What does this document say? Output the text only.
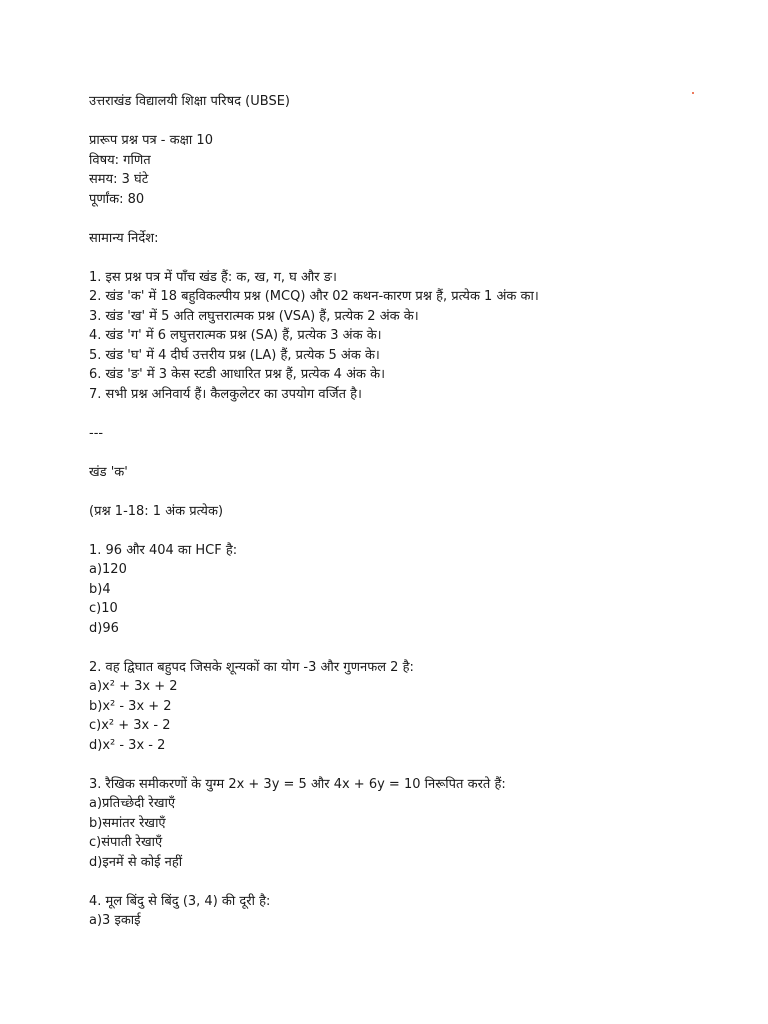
उत्तराखंड विद्यालयी शिक्षा परिषद (UBSE)
प्रारूप प्रश्न पत्र - कक्षा 10
विषय: गणित
समय: 3 घंटे
पूर्णांक: 80
सामान्य निर्देश:
1. इस प्रश्न पत्र में पाँच खंड हैं: क, ख, ग, घ और ङ।
2. खंड 'क' में 18 बहुविकल्पीय प्रश्न (MCQ) और 02 कथन-कारण प्रश्न हैं, प्रत्येक 1 अंक का।
3. खंड 'ख' में 5 अति लघुत्तरात्मक प्रश्न (VSA) हैं, प्रत्येक 2 अंक के।
4. खंड 'ग' में 6 लघुत्तरात्मक प्रश्न (SA) हैं, प्रत्येक 3 अंक के।
5. खंड 'घ' में 4 दीर्घ उत्तरीय प्रश्न (LA) हैं, प्रत्येक 5 अंक के।
6. खंड 'ङ' में 3 केस स्टडी आधारित प्रश्न हैं, प्रत्येक 4 अंक के।
7. सभी प्रश्न अनिवार्य हैं। कैलकुलेटर का उपयोग वर्जित है।
---
खंड 'क'
(प्रश्न 1-18: 1 अंक प्रत्येक)
1. 96 और 404 का HCF है:
a)120
b)4
c)10
d)96
2. वह द्विघात बहुपद जिसके शून्यकों का योग -3 और गुणनफल 2 है:
a)x² + 3x + 2
b)x² - 3x + 2
c)x² + 3x - 2
d)x² - 3x - 2
3. रैखिक समीकरणों के युग्म 2x + 3y = 5 और 4x + 6y = 10 निरूपित करते हैं:
a)प्रतिच्छेदी रेखाएँ
b)समांतर रेखाएँ
c)संपाती रेखाएँ
d)इनमें से कोई नहीं
4. मूल बिंदु से बिंदु (3, 4) की दूरी है:
a)3 इकाई
